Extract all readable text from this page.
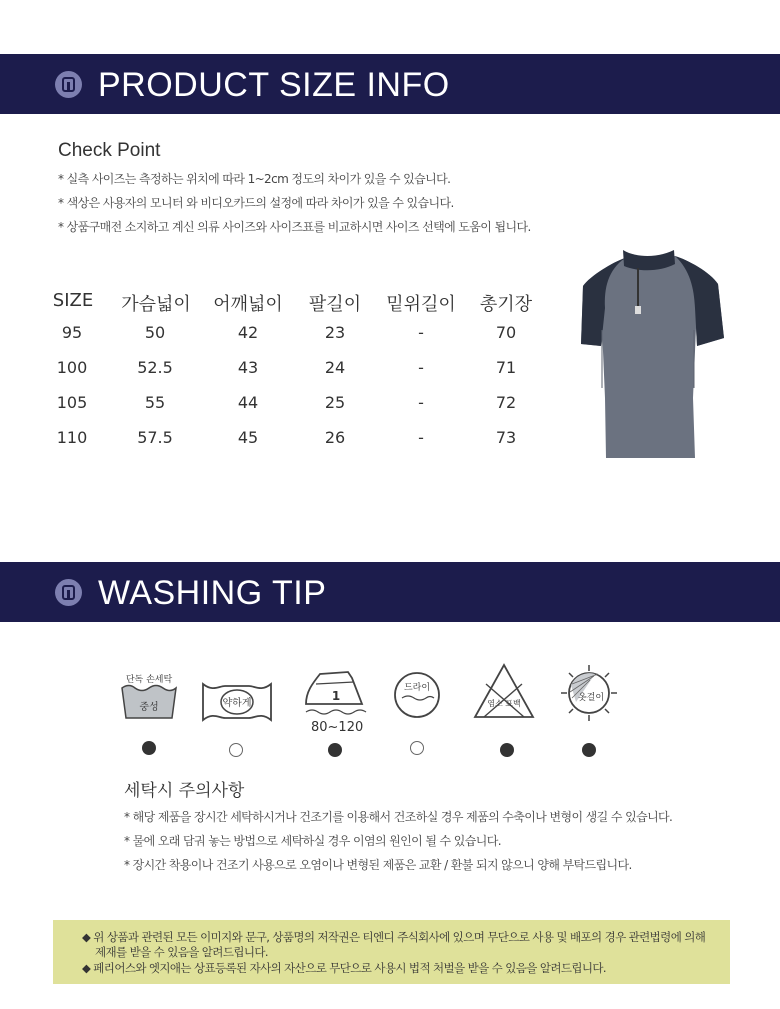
PRODUCT SIZE INFO
Check Point
* 실측 사이즈는 측정하는 위치에 따라 1~2cm 정도의 차이가 있을 수 있습니다.
* 색상은 사용자의 모니터 와 비디오카드의 설정에 따라 차이가 있을 수 있습니다.
* 상품구매전 소지하고 계신 의류 사이즈와 사이즈표를 비교하시면 사이즈 선택에 도움이 됩니다.
SIZE 가슴넓이 어깨넓이 팔길이 밑위길이 총기장
95	50	42	23	-	70
100	52.5	43	24	-	71
105	55	44	25	-	72
110	57.5	45	26	-	73
WASHING TIP
단독 손세탁
중성	약하게
1
80~120
드라이
염소 표백
옷걸이
세탁시 주의사항
* 해당 제품을 장시간 세탁하시거나 건조기를 이용해서 건조하실 경우 제품의 수축이나 변형이 생길 수 있습니다.
* 물에 오래 담궈 놓는 방법으로 세탁하실 경우 이염의 원인이 될 수 있습니다.
* 장시간 착용이나 건조기 사용으로 오염이나 변형된 제품은 교환 / 환불 되지 않으니 양해 부탁드립니다.
◆ 위 상품과 관련된 모든 이미지와 문구, 상품명의 저작권은 티엔디 주식회사에 있으며 무단으로 사용 및 배포의 경우 관련법령에 의해
제재를 받을 수 있음을 알려드립니다.
◆ 페리어스와 엣지애는 상표등록된 자사의 자산으로 무단으로 사용시 법적 처벌을 받을 수 있음을 알려드립니다.
